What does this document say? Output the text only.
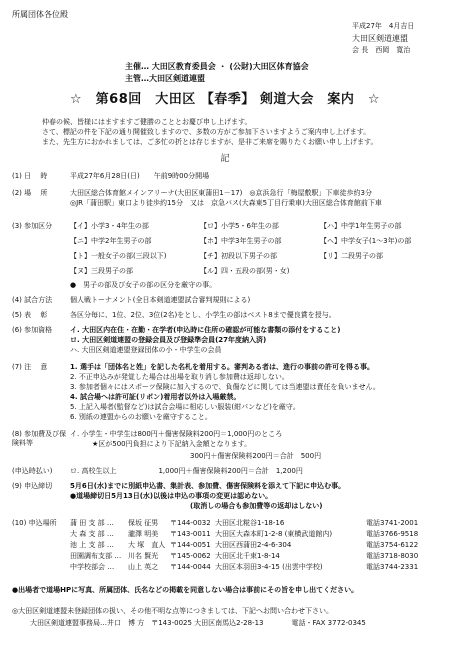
所属団体各位殿
平成27年　4月吉日
大田区剣道連盟
会 長　西岡　寛治
主催… 大田区教育委員会 ・ (公財)大田区体育協会
主管…大田区剣道連盟
☆　第68回　大田区 【春季】 剣道大会　案内　☆
仲春の候、皆様にはますますご健勝のこととお慶び申し上げます。
さて、標記の件を下記の通り開催致しますので、多数の方がご参加下さいますようご案内申し上げます。
また、先生方におかれましては、ご多忙の折とは存じますが、是非ご来席を賜りたくお願い申し上げます。
記
(1) 日　 時	平成27年6月28日(日)　　午前9時00分開場
(2) 場　 所	大田区総合体育館メインアリーナ(大田区東蒲田1－17)　◎京浜急行「梅屋敷駅」下車徒歩約3分
◎JR「蒲田駅」東口より徒歩約15分　又は　京急バス(大森東5丁目行乗車)大田区総合体育館前下車
(3) 参加区分	【イ】小学3・4年生の部	【ロ】小学5・6年生の部	【ハ】中学1年生男子の部
【ニ】中学2年生男子の部	【ホ】中学3年生男子の部	【ヘ】中学女子(1～3年)の部
【ト】一般女子の部(三段以下)	【チ】初段以下男子の部	【リ】二段男子の部
【ヌ】三段男子の部	【ル】四・五段の部(男・女)
●　男子の部及び女子の部の区分を厳守の事。
(4) 試合方法	個人戦トーナメント(全日本剣道連盟試合審判規則による)
(5) 表　 彰	各区分毎に、1位、2位、3位(2名)をとし、小学生の部はベスト8まで優良賞を授与。
(6) 参加資格	イ. 大田区内在住・在勤・在学者(申込時に住所の確認が可能な書類の添付をすること)
ロ. 大田区剣道連盟の登録会員及び登録準会員(27年度納入済)
ハ. 大田区剣道連盟登録団体の小・中学生の会員
(7) 注　 意	1. 選手は「団体名と姓」を記した名札を着用する。審判ある者は、進行の事前の許可を得る事。
2. 不正申込みが発覚した場合は出場を取り消し参加費は返却しない。
3. 参加者個々にはスポーツ保険に加入するので、負傷などに関しては当連盟は責任を負いません。
4. 試合場へは許可証(リボン)着用者以外は入場厳禁。
5. 上記入場者(監督など)は試合会場に相応しい服装(紺パンなど)を厳守。
6. 別紙の連盟からのお願いを厳守すること。
(8) 参加費及び保険料等
イ. 小学生・中学生は800円＋傷害保険料200円＝1,000円のところ
★区が500円負担により下記納入金額となります。
300円＋傷害保険料200円＝合計　500円
(申込時払い)	ロ. 高校生以上　　　　　　1,000円＋傷害保険料200円＝合計　1,200円
(9) 申込締切	5月6日(水)までに別紙申込書、集計表、参加費、傷害保険料を添えて下記に申込む事。
●道場締切日5月13日(水)以後は申込の事項の変更は認めない。
(取消しの場合も参加費等の返却はしない)
(10) 申込場所	蒲 田 支 部 … 保坂 征男 〒144-0032 大田区北糀谷1-18-16	電話3741-2001
大 森 支 部 … 瀧澤 明美 〒143-0011 大田区大森本町1-2-8 (東横武道館内)	電話3766-9518
池 上 支 部 … 大 塚　直人 〒144-0051 大田区西蒲田2-4-6-304	電話3754-6122
田園調布支部 … 川名 賢光 〒145-0062 大田区北千束1-8-14	電話3718-8030
中学校部会 … 山上 英之 〒144-0044 大田区本羽田3-4-15 (出雲中学校)	電話3744-2331
●出場者で道場HPに写真、所属団体、氏名などの掲載を同意しない場合は事前にその旨を申し出てください。
◎大田区剣道連盟未登録団体の扱い、その他不明な点等につきましては、下記へお問い合わせ下さい。
大田区剣道連盟事務局…井口　博 方　〒143-0025 大田区南馬込2-28-13　　　　電話・FAX 3772-0345
